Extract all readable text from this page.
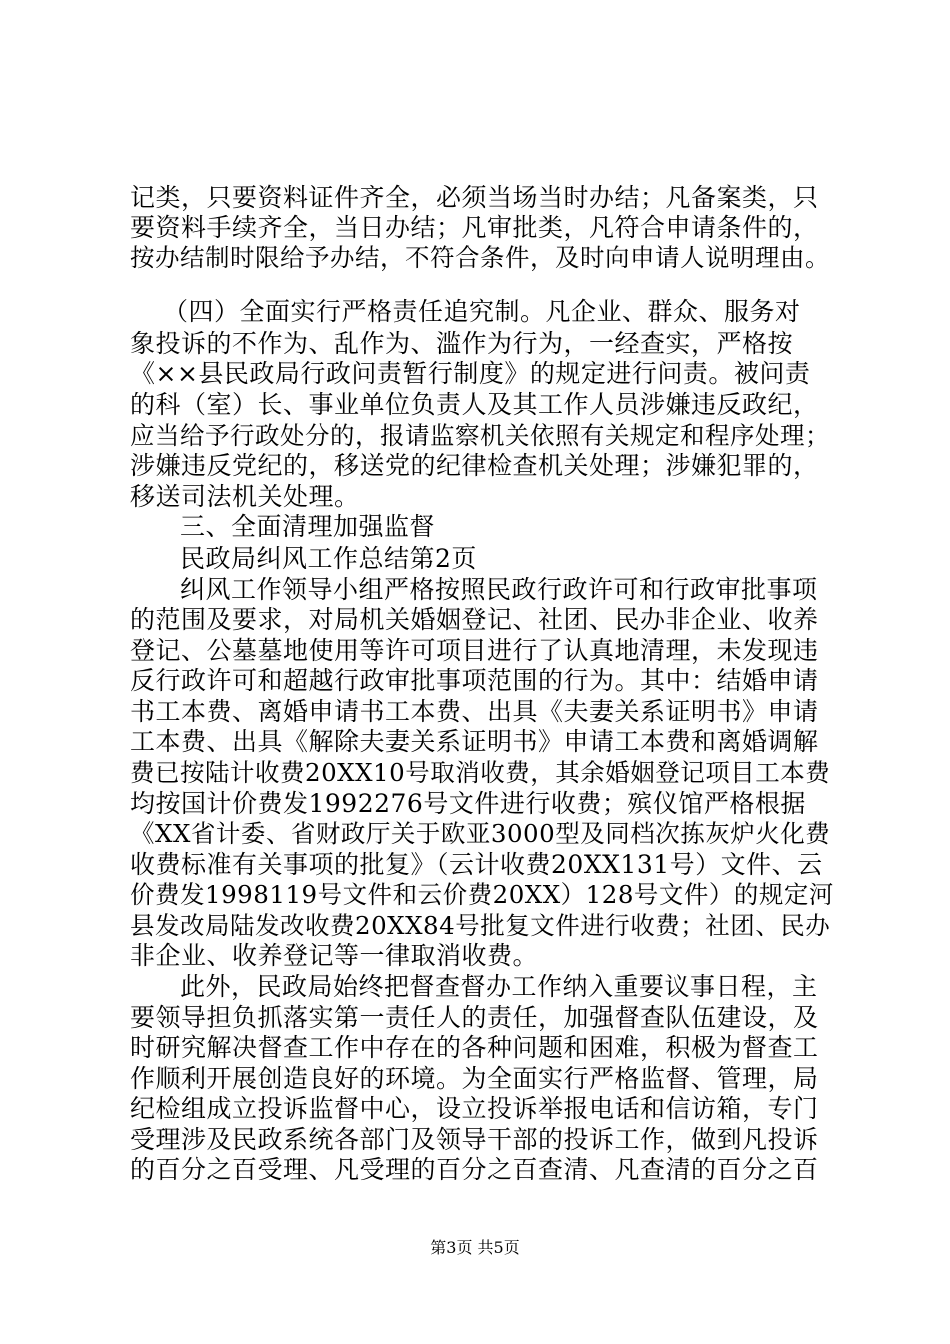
记类，只要资料证件齐全，必须当场当时办结；凡备案类，只
要资料手续齐全，当日办结；凡审批类，凡符合申请条件的，
按办结制时限给予办结，不符合条件，及时向申请人说明理由。
　（四）全面实行严格责任追究制。凡企业、群众、服务对
象投诉的不作为、乱作为、滥作为行为，一经查实，严格按
《××县民政局行政问责暂行制度》的规定进行问责。被问责
的科（室）长、事业单位负责人及其工作人员涉嫌违反政纪，
应当给予行政处分的，报请监察机关依照有关规定和程序处理；
涉嫌违反党纪的，移送党的纪律检查机关处理；涉嫌犯罪的，
移送司法机关处理。
三、全面清理加强监督
民政局纠风工作总结第2页
纠风工作领导小组严格按照民政行政许可和行政审批事项
的范围及要求，对局机关婚姻登记、社团、民办非企业、收养
登记、公墓墓地使用等许可项目进行了认真地清理，未发现违
反行政许可和超越行政审批事项范围的行为。其中：结婚申请
书工本费、离婚申请书工本费、出具《夫妻关系证明书》申请
工本费、出具《解除夫妻关系证明书》申请工本费和离婚调解
费已按陆计收费20XX10号取消收费，其余婚姻登记项目工本费
均按国计价费发1992276号文件进行收费；殡仪馆严格根据
《XX省计委、省财政厅关于欧亚3000型及同档次拣灰炉火化费
收费标准有关事项的批复》（云计收费20XX131号）文件、云
价费发1998119号文件和云价费20XX）128号文件）的规定河
县发改局陆发改收费20XX84号批复文件进行收费；社团、民办
非企业、收养登记等一律取消收费。
此外，民政局始终把督查督办工作纳入重要议事日程，主
要领导担负抓落实第一责任人的责任，加强督查队伍建设，及
时研究解决督查工作中存在的各种问题和困难，积极为督查工
作顺利开展创造良好的环境。为全面实行严格监督、管理，局
纪检组成立投诉监督中心，设立投诉举报电话和信访箱，专门
受理涉及民政系统各部门及领导干部的投诉工作，做到凡投诉
的百分之百受理、凡受理的百分之百查清、凡查清的百分之百
第3页 共5页
